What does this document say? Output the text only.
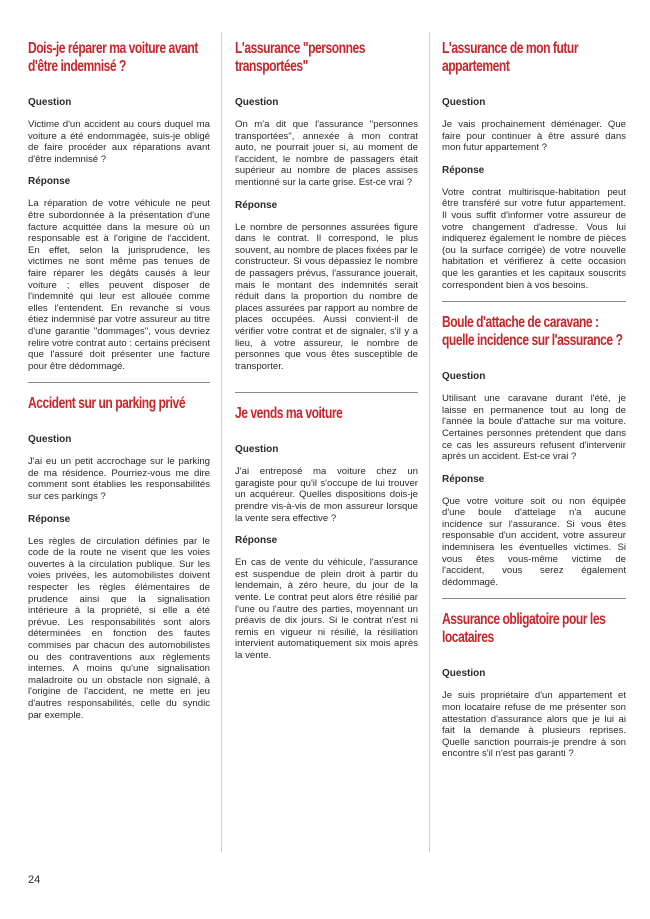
Dois-je réparer ma voiture avant d'être indemnisé ?
Question
Victime d'un accident au cours duquel ma voiture a été endommagée, suis-je obligé de faire procéder aux réparations avant d'être indemnisé ?
Réponse
La réparation de votre véhicule ne peut être subordonnée à la présentation d'une facture acquittée dans la mesure où un responsable est à l'origine de l'accident. En effet, selon la jurisprudence, les victimes ne sont même pas tenues de faire réparer les dégâts causés à leur voiture ; elles peuvent disposer de l'indemnité qui leur est allouée comme elles l'entendent. En revanche si vous étiez indemnisé par votre assureur au titre d'une garantie "dommages", vous devriez relire votre contrat auto : certains précisent que l'assuré doit présenter une facture pour être dédommagé.
Accident sur un parking privé
Question
J'ai eu un petit accrochage sur le parking de ma résidence. Pourriez-vous me dire comment sont établies les responsabilités sur ces parkings ?
Réponse
Les règles de circulation définies par le code de la route ne visent que les voies ouvertes à la circulation publique. Sur les voies privées, les automobilistes doivent respecter les règles élémentaires de prudence ainsi que la signalisation intérieure à la propriété, si elle a été prévue. Les responsabilités sont alors déterminées en fonction des fautes commises par chacun des automobilistes ou des contraventions aux règlements internes. A moins qu'une signalisation maladroite ou un obstacle non signalé, à l'origine de l'accident, ne mette en jeu d'autres responsabilités, celle du syndic par exemple.
L'assurance "personnes transportées"
Question
On m'a dit que l'assurance "personnes transportées", annexée à mon contrat auto, ne pourrait jouer si, au moment de l'accident, le nombre de passagers était supérieur au nombre de places assises mentionné sur la carte grise. Est-ce vrai ?
Réponse
Le nombre de personnes assurées figure dans le contrat. Il correspond, le plus souvent, au nombre de places fixées par le constructeur. Si vous dépassiez le nombre de passagers prévus, l'assurance jouerait, mais le montant des indemnités serait réduit dans la proportion du nombre de places assurées par rapport au nombre de places occupées. Aussi convient-il de vérifier votre contrat et de signaler, s'il y a lieu, à votre assureur, le nombre de personnes que vous êtes susceptible de transporter.
Je vends ma voiture
Question
J'ai entreposé ma voiture chez un garagiste pour qu'il s'occupe de lui trouver un acquéreur. Quelles dispositions dois-je prendre vis-à-vis de mon assureur lorsque la vente sera effective ?
Réponse
En cas de vente du véhicule, l'assurance est suspendue de plein droit à partir du lendemain, à zéro heure, du jour de la vente. Le contrat peut alors être résilié par l'une ou l'autre des parties, moyennant un préavis de dix jours. Si le contrat n'est ni remis en vigueur ni résilié, la résiliation intervient automatiquement six mois après la vente.
L'assurance de mon futur appartement
Question
Je vais prochainement déménager. Que faire pour continuer à être assuré dans mon futur appartement ?
Réponse
Votre contrat multirisque-habitation peut être transféré sur votre futur appartement. Il vous suffit d'informer votre assureur de votre changement d'adresse. Vous lui indiquerez également le nombre de pièces (ou la surface corrigée) de votre nouvelle habitation et vérifierez à cette occasion que les garanties et les capitaux souscrits correspondent bien à vos besoins.
Boule d'attache de caravane : quelle incidence sur l'assurance ?
Question
Utilisant une caravane durant l'été, je laisse en permanence tout au long de l'année la boule d'attache sur ma voiture. Certaines personnes prétendent que dans ce cas les assureurs refusent d'intervenir après un accident. Est-ce vrai ?
Réponse
Que votre voiture soit ou non équipée d'une boule d'attelage n'a aucune incidence sur l'assurance. Si vous êtes responsable d'un accident, votre assureur indemnisera les éventuelles victimes. Si vous êtes vous-même victime de l'accident, vous serez également dédommagé.
Assurance obligatoire pour les locataires
Question
Je suis propriétaire d'un appartement et mon locataire refuse de me présenter son attestation d'assurance alors que je lui ai fait la demande à plusieurs reprises. Quelle sanction pourrais-je prendre à son encontre s'il n'est pas garanti ?
24
